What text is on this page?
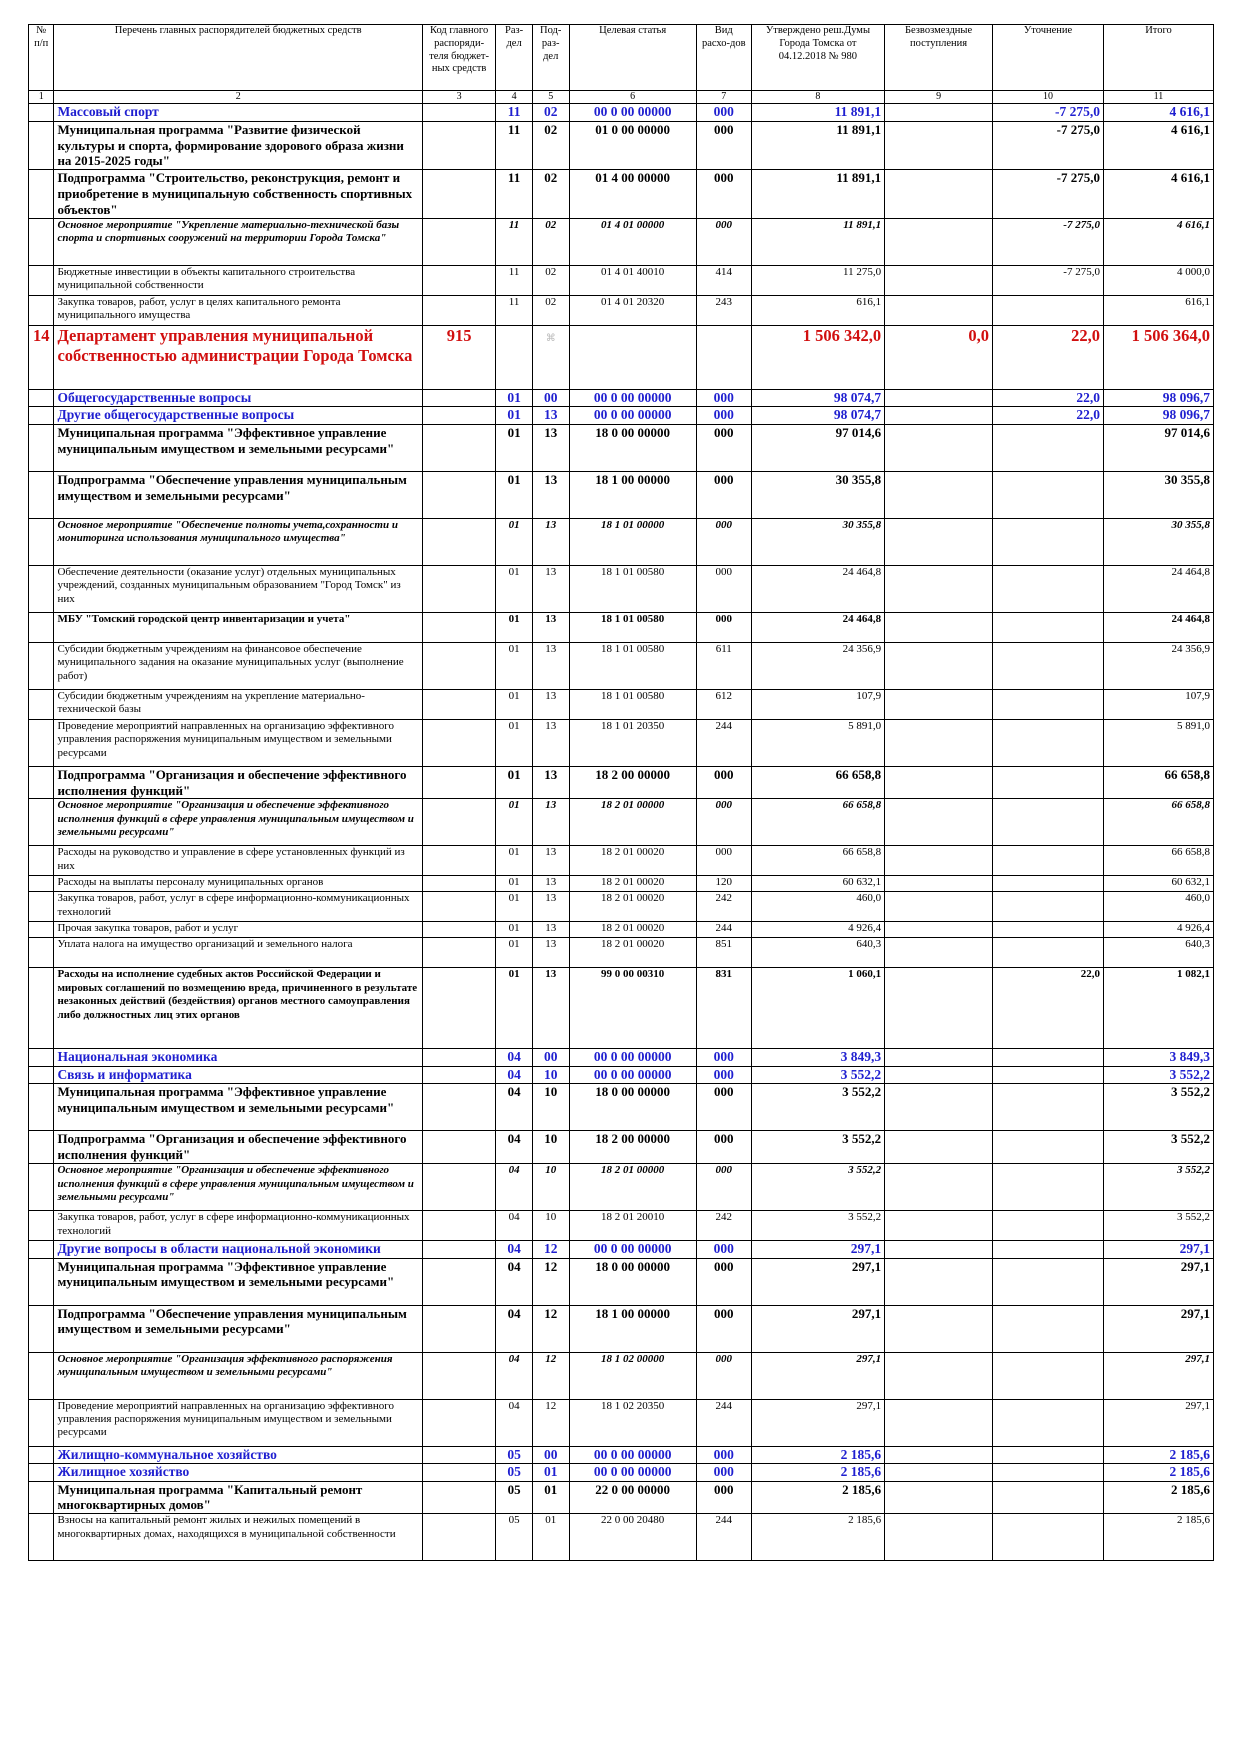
№ п/п	Перечень главных распорядителей бюджетных средств	Код главного распоряди-теля бюджет-ных средств	Раз-дел	Под-раз-дел	Целевая статья	Вид расхо-дов	Утверждено реш.Думы Города Томска от 04.12.2018 № 980	Безвозмездные поступления	Уточнение	Итого
1	2	3	4	5	6	7	8	9	10	11
	Массовый спорт		11	02	00 0 00 00000	000	11 891,1		-7 275,0	4 616,1
	Муниципальная программа "Развитие физической культуры и спорта, формирование здорового образа жизни на 2015-2025 годы"		11	02	01 0 00 00000	000	11 891,1		-7 275,0	4 616,1
	Подпрограмма "Строительство, реконструкция, ремонт и приобретение в муниципальную собственность спортивных объектов"		11	02	01 4 00 00000	000	11 891,1		-7 275,0	4 616,1
	Основное мероприятие "Укрепление материально-технической базы спорта и спортивных сооружений на территории Города Томска"		11	02	01 4 01 00000	000	11 891,1		-7 275,0	4 616,1
	Бюджетные инвестиции в объекты капитального строительства муниципальной собственности		11	02	01 4 01 40010	414	11 275,0		-7 275,0	4 000,0
	Закупка товаров, работ, услуг в целях капитального ремонта муниципального имущества		11	02	01 4 01 20320	243	616,1			616,1
14	Департамент управления муниципальной собственностью администрации Города Томска	915		⌘			1 506 342,0	0,0	22,0	1 506 364,0
	Общегосударственные вопросы		01	00	00 0 00 00000	000	98 074,7		22,0	98 096,7
	Другие общегосударственные вопросы		01	13	00 0 00 00000	000	98 074,7		22,0	98 096,7
	Муниципальная программа "Эффективное управление муниципальным имуществом и земельными ресурсами"		01	13	18 0 00 00000	000	97 014,6			97 014,6
	Подпрограмма "Обеспечение управления муниципальным имуществом и земельными ресурсами"		01	13	18 1 00 00000	000	30 355,8			30 355,8
	Основное мероприятие "Обеспечение полноты учета,сохранности и мониторинга использования муниципального имущества"		01	13	18 1 01 00000	000	30 355,8			30 355,8
	Обеспечение деятельности (оказание услуг) отдельных муниципальных учреждений, созданных муниципальным образованием "Город Томск" из них		01	13	18 1 01 00580	000	24 464,8			24 464,8
	МБУ "Томский городской центр инвентаризации и учета"		01	13	18 1 01 00580	000	24 464,8			24 464,8
	Субсидии бюджетным учреждениям на финансовое обеспечение муниципального задания на оказание муниципальных услуг (выполнение работ)		01	13	18 1 01 00580	611	24 356,9			24 356,9
	Субсидии бюджетным учреждениям на укрепление материально-технической базы		01	13	18 1 01 00580	612	107,9			107,9
	Проведение мероприятий направленных на организацию эффективного управления распоряжения муниципальным имуществом и земельными ресурсами		01	13	18 1 01 20350	244	5 891,0			5 891,0
	Подпрограмма "Организация и обеспечение эффективного исполнения функций"		01	13	18 2 00 00000	000	66 658,8			66 658,8
	Основное мероприятие "Организация и обеспечение эффективного исполнения функций в сфере управления муниципальным имуществом и земельными ресурсами"		01	13	18 2 01 00000	000	66 658,8			66 658,8
	Расходы на руководство и управление в сфере установленных функций из них		01	13	18 2 01 00020	000	66 658,8			66 658,8
	Расходы на выплаты персоналу муниципальных органов		01	13	18 2 01 00020	120	60 632,1			60 632,1
	Закупка товаров, работ, услуг в сфере информационно-коммуникационных технологий		01	13	18 2 01 00020	242	460,0			460,0
	Прочая закупка товаров, работ и услуг		01	13	18 2 01 00020	244	4 926,4			4 926,4
	Уплата налога на имущество организаций и земельного налога		01	13	18 2 01 00020	851	640,3			640,3
	Расходы на исполнение судебных актов Российской Федерации и мировых соглашений по возмещению вреда, причиненного в результате незаконных действий (бездействия) органов местного самоуправления либо должностных лиц этих органов		01	13	99 0 00 00310	831	1 060,1		22,0	1 082,1
	Национальная экономика		04	00	00 0 00 00000	000	3 849,3			3 849,3
	Связь и информатика		04	10	00 0 00 00000	000	3 552,2			3 552,2
	Муниципальная программа "Эффективное управление муниципальным имуществом и земельными ресурсами"		04	10	18 0 00 00000	000	3 552,2			3 552,2
	Подпрограмма "Организация и обеспечение эффективного исполнения функций"		04	10	18 2 00 00000	000	3 552,2			3 552,2
	Основное мероприятие "Организация и обеспечение эффективного исполнения функций в сфере управления муниципальным имуществом и земельными ресурсами"		04	10	18 2 01 00000	000	3 552,2			3 552,2
	Закупка товаров, работ, услуг в сфере информационно-коммуникационных технологий		04	10	18 2 01 20010	242	3 552,2			3 552,2
	Другие вопросы в области национальной экономики		04	12	00 0 00 00000	000	297,1			297,1
	Муниципальная программа "Эффективное управление муниципальным имуществом и земельными ресурсами"		04	12	18 0 00 00000	000	297,1			297,1
	Подпрограмма "Обеспечение управления муниципальным имуществом и земельными ресурсами"		04	12	18 1 00 00000	000	297,1			297,1
	Основное мероприятие "Организация эффективного распоряжения муниципальным имуществом и земельными ресурсами"		04	12	18 1 02 00000	000	297,1			297,1
	Проведение мероприятий направленных на организацию эффективного управления распоряжения муниципальным имуществом и земельными ресурсами		04	12	18 1 02 20350	244	297,1			297,1
	Жилищно-коммунальное хозяйство		05	00	00 0 00 00000	000	2 185,6			2 185,6
	Жилищное хозяйство		05	01	00 0 00 00000	000	2 185,6			2 185,6
	Муниципальная программа "Капитальный ремонт многоквартирных домов"		05	01	22 0 00 00000	000	2 185,6			2 185,6
	Взносы на капитальный ремонт жилых и нежилых помещений в многоквартирных домах, находящихся в муниципальной собственности		05	01	22 0 00 20480	244	2 185,6			2 185,6
